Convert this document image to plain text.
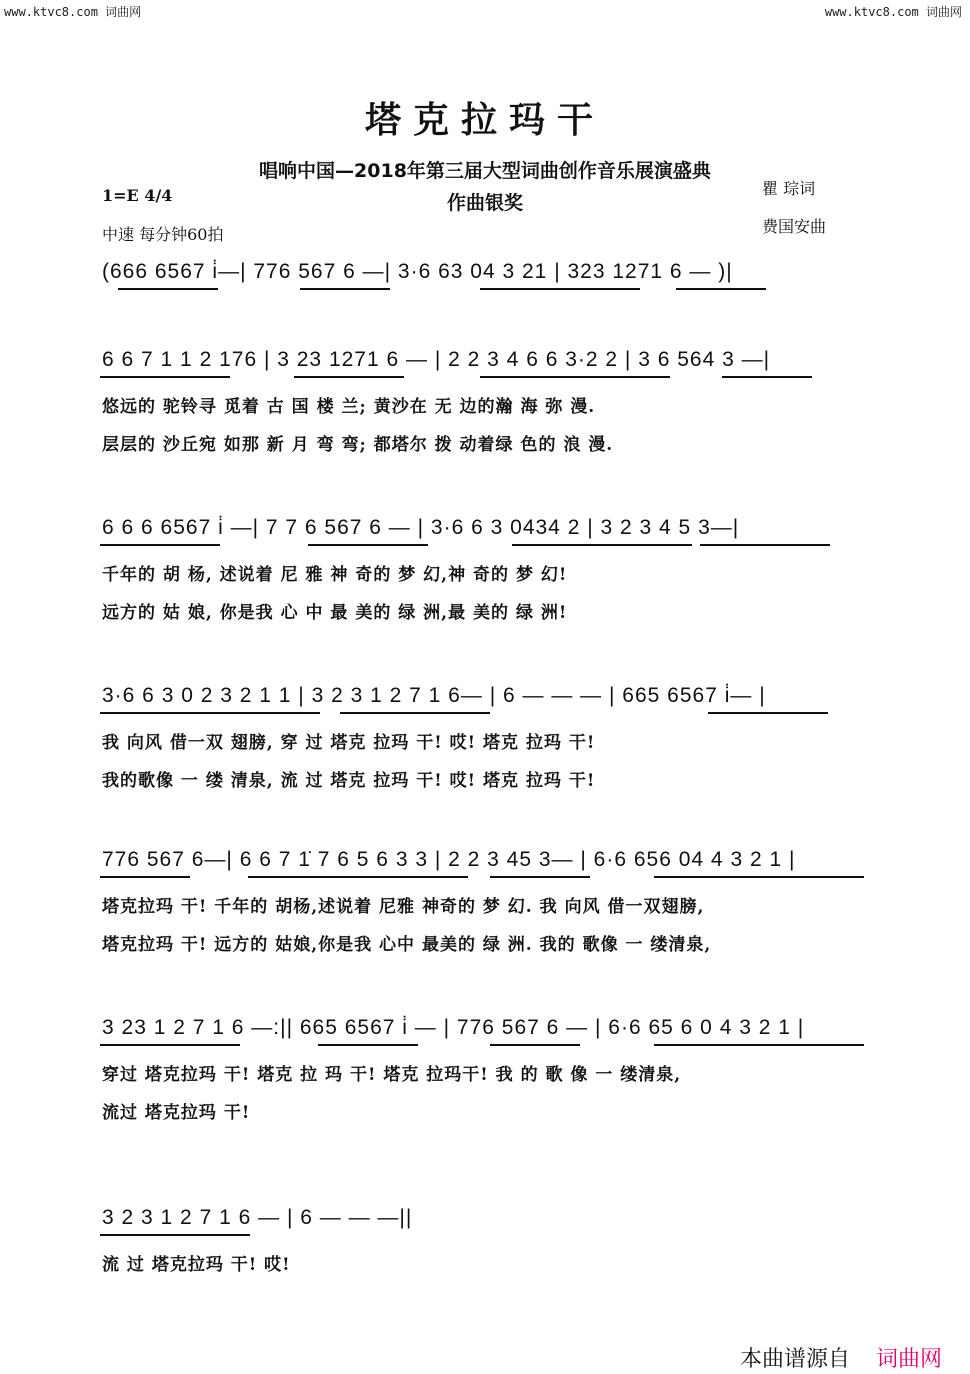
www.ktvc8.com 词曲网	www.ktvc8.com 词曲网
塔克拉玛干
唱响中国—2018年第三届大型词曲创作音乐展演盛典
作曲银奖
1=E 4/4
中速 每分钟60拍
瞿 琮词
费国安曲
(666 6567 i̇—| 776 567 6 —| 3·6 63 04 3 21 | 323 1271 6 — )|
6 6 7 1 1 2 176 | 3 23 1271 6 — | 2 2 3 4 6 6 3·2 2 | 3 6 564 3 —|
悠远的 驼铃寻 觅着 古 国 楼 兰; 黄沙在 无 边的瀚 海 弥 漫.
层层的 沙丘宛 如那 新 月 弯 弯; 都塔尔 拨 动着绿 色的 浪 漫.
6 6 6 6567 i̇ —| 7 7 6 567 6 — | 3·6 6 3 0434 2 | 3 2 3 4 5 3—|
千年的 胡 杨, 述说着 尼 雅 神 奇的 梦 幻,神 奇的 梦 幻!
远方的 姑 娘, 你是我 心 中 最 美的 绿 洲,最 美的 绿 洲!
3·6 6 3 0 2 3 2 1 1 | 3 2 3 1 2 7 1 6— | 6 — — — | 665 6567 i̇— |
我 向风 借一双 翅膀, 穿 过 塔克 拉玛 干! 哎! 塔克 拉玛 干!
我的歌像 一 缕 清泉, 流 过 塔克 拉玛 干! 哎! 塔克 拉玛 干!
776 567 6—| 6 6 7 1̇ 7 6 5 6 3 3 | 2 2 3 45 3— | 6·6 656 04 4 3 2 1 |
塔克拉玛 干! 千年的 胡杨,述说着 尼雅 神奇的 梦 幻. 我 向风 借一双翅膀,
塔克拉玛 干! 远方的 姑娘,你是我 心中 最美的 绿 洲. 我的 歌像 一 缕清泉,
3 23 1 2 7 1 6 —:|| 665 6567 i̇ — | 776 567 6 — | 6·6 65 6 0 4 3 2 1 |
穿过 塔克拉玛 干! 塔克 拉 玛 干! 塔克 拉玛干! 我 的 歌 像 一 缕清泉,
流过 塔克拉玛 干!
3 2 3 1 2 7 1 6 — | 6 — — —||
流 过 塔克拉玛 干! 哎!
本曲谱源自 词曲网
